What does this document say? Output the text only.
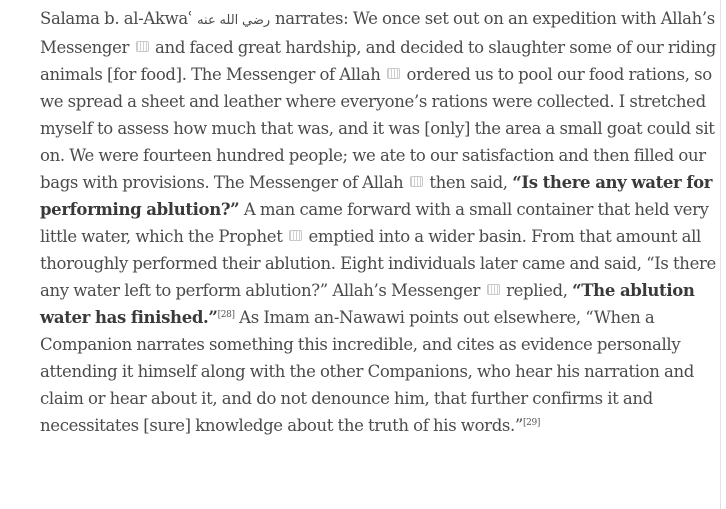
Salama b. al-Akwaʿ رضي الله عنه narrates: We once set out on an expedition with Allah’s Messenger  and faced great hardship, and decided to slaughter some of our riding animals [for food]. The Messenger of Allah  ordered us to pool our food rations, so we spread a sheet and leather where everyone’s rations were collected. I stretched myself to assess how much that was, and it was [only] the area a small goat could sit on. We were fourteen hundred people; we ate to our satisfaction and then filled our bags with provisions. The Messenger of Allah  then said, “Is there any water for performing ablution?” A man came forward with a small container that held very little water, which the Prophet  emptied into a wider basin. From that amount all thoroughly performed their ablution. Eight individuals later came and said, “Is there any water left to perform ablution?” Allah’s Messenger  replied, “The ablution water has finished.”[28] As Imam an-Nawawi points out elsewhere, “When a Companion narrates something this incredible, and cites as evidence personally attending it himself along with the other Companions, who hear his narration and claim or hear about it, and do not denounce him, that further confirms it and necessitates [sure] knowledge about the truth of his words.”[29]
